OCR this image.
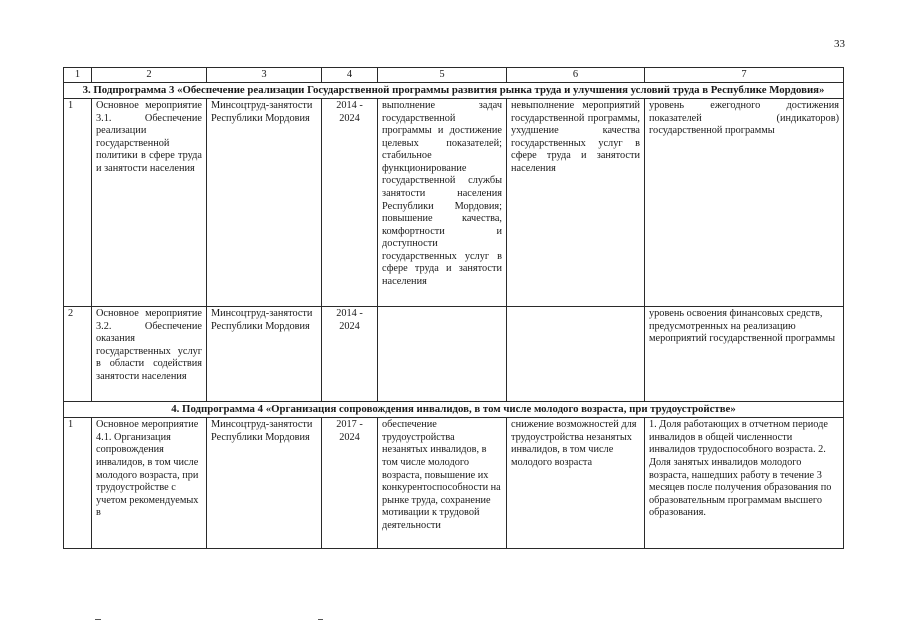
33
1	2	3	4	5	6	7
3. Подпрограмма 3 «Обеспечение реализации Государственной программы развития рынка труда и улучшения условий труда в Республике Мордовия»						
1	Основное мероприятие 3.1. Обеспечение реализации государственной политики в сфере труда и занятости населения	Минсоцтруд-занятости Республики Мордовия	2014 - 2024	выполнение задач государственной программы и достижение целевых показателей; стабильное функционирование государственной службы занятости населения Республики Мордовия; повышение качества, комфортности и доступности государственных услуг в сфере труда и занятости населения	невыполнение мероприятий государственной программы, ухудшение качества государственных услуг в сфере труда и занятости населения	уровень ежегодного достижения показателей (индикаторов) государственной программы
2	Основное мероприятие 3.2. Обеспечение оказания государственных услуг в области содействия занятости населения	Минсоцтруд-занятости Республики Мордовия	2014 - 2024			уровень освоения финансовых средств, предусмотренных на реализацию мероприятий государственной программы
4. Подпрограмма 4 «Организация сопровождения инвалидов, в том числе молодого возраста, при трудоустройстве»						
1	Основное мероприятие 4.1. Организация сопровождения инвалидов, в том числе молодого возраста, при трудоустройстве с учетом рекомендуемых в	Минсоцтруд-занятости Республики Мордовия	2017 - 2024	обеспечение трудоустройства незанятых инвалидов, в том числе молодого возраста, повышение их конкурентоспособности на рынке труда, сохранение мотивации к трудовой деятельности	снижение возможностей для трудоустройства незанятых инвалидов, в том числе молодого возраста	1. Доля работающих в отчетном периоде инвалидов в общей численности инвалидов трудоспособного возраста. 2. Доля занятых инвалидов молодого возраста, нашедших работу в течение 3 месяцев после получения образования по образовательным программам высшего образования.
